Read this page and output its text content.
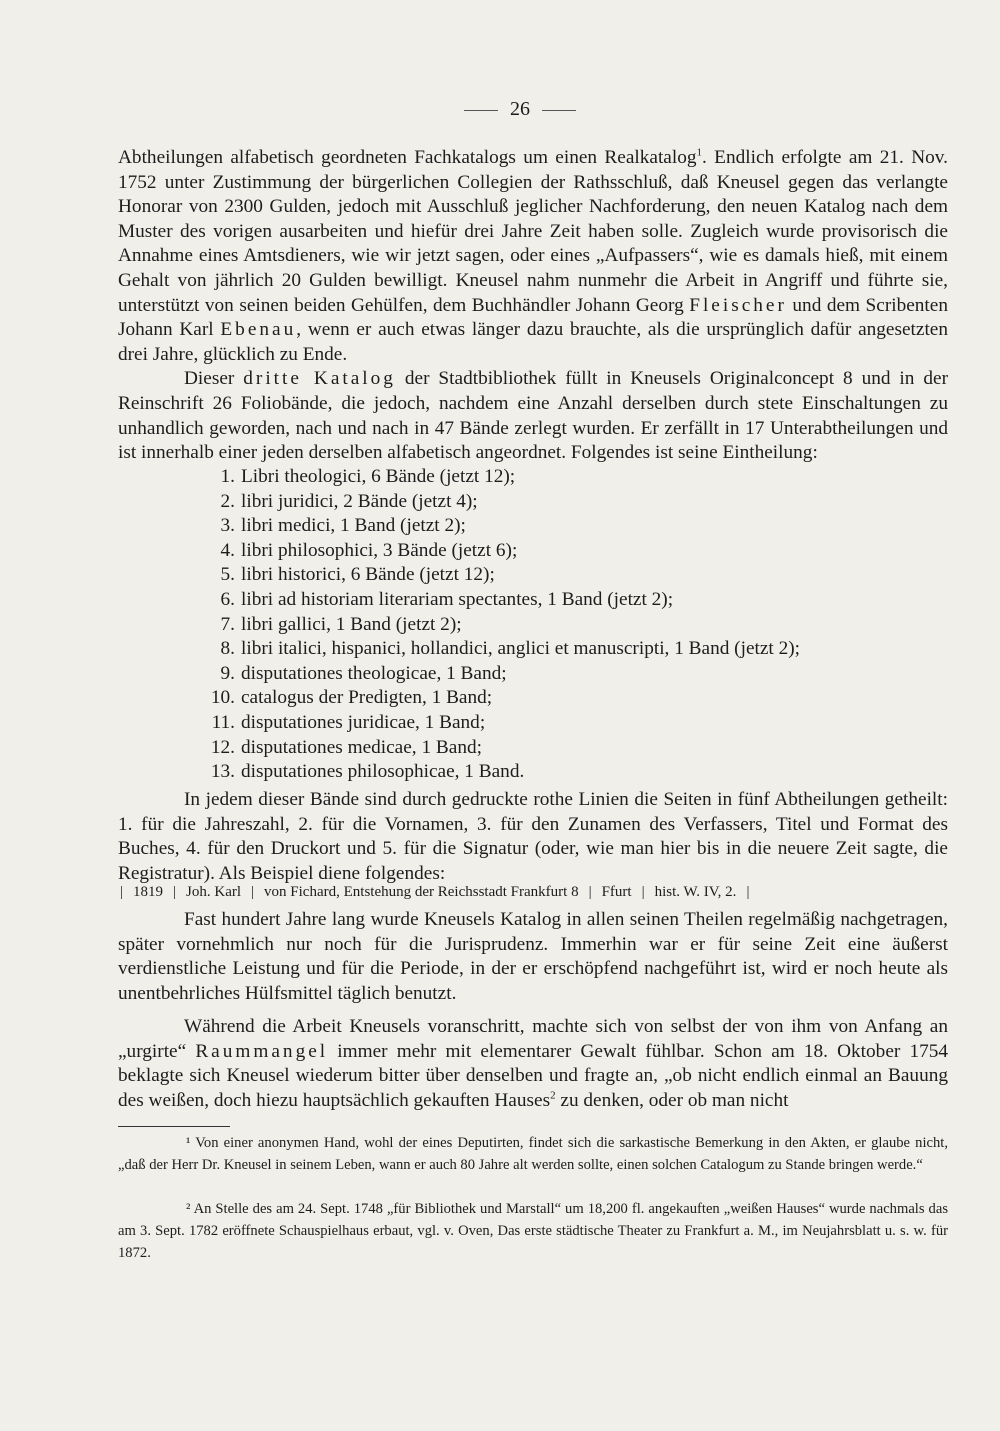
26

Abtheilungen alfabetisch geordneten Fachkatalogs um einen Realkatalog$^1$. Endlich erfolgte am 21. Nov. 1752 unter Zustimmung der bürgerlichen Collegien der Rathsschluß, daß Kneusel gegen das verlangte Honorar von 2300 Gulden, jedoch mit Ausschluß jeglicher Nachforderung, den neuen Katalog nach dem Muster des vorigen ausarbeiten und hiefür drei Jahre Zeit haben solle. Zugleich wurde provisorisch die Annahme eines Amtsdieners, wie wir jetzt sagen, oder eines „Aufpassers“, wie es damals hieß, mit einem Gehalt von jährlich 20 Gulden bewilligt. Kneusel nahm nunmehr die Arbeit in Angriff und führte sie, unterstützt von seinen beiden Gehülfen, dem Buchhändler Johann Georg Fleischer und dem Scribenten Johann Karl Ebenau, wenn er auch etwas länger dazu brauchte, als die ursprünglich dafür angesetzten drei Jahre, glücklich zu Ende.

Dieser dritte Katalog der Stadtbibliothek füllt in Kneusels Originalconcept 8 und in der Reinschrift 26 Foliobände, die jedoch, nachdem eine Anzahl derselben durch stete Einschaltungen zu unhandlich geworden, nach und nach in 47 Bände zerlegt wurden. Er zerfällt in 17 Unterabtheilungen und ist innerhalb einer jeden derselben alfabetisch angeordnet. Folgendes ist seine Eintheilung:

1. Libri theologici, 6 Bände (jetzt 12);
2. libri juridici, 2 Bände (jetzt 4);
3. libri medici, 1 Band (jetzt 2);
4. libri philosophici, 3 Bände (jetzt 6);
5. libri historici, 6 Bände (jetzt 12);
6. libri ad historiam literariam spectantes, 1 Band (jetzt 2);
7. libri gallici, 1 Band (jetzt 2);
8. libri italici, hispanici, hollandici, anglici et manuscripti, 1 Band (jetzt 2);
9. disputationes theologicae, 1 Band;
10. catalogus der Predigten, 1 Band;
11. disputationes juridicae, 1 Band;
12. disputationes medicae, 1 Band;
13. disputationes philosophicae, 1 Band.

In jedem dieser Bände sind durch gedruckte rothe Linien die Seiten in fünf Abtheilungen getheilt: 1. für die Jahreszahl, 2. für die Vornamen, 3. für den Zunamen des Verfassers, Titel und Format des Buches, 4. für den Druckort und 5. für die Signatur (oder, wie man hier bis in die neuere Zeit sagte, die Registratur). Als Beispiel diene folgendes:

| 1819 | Joh. Karl | von Fichard, Entstehung der Reichsstadt Frankfurt 8 | Ffurt | hist. W. IV, 2. |

Fast hundert Jahre lang wurde Kneusels Katalog in allen seinen Theilen regelmäßig nachgetragen, später vornehmlich nur noch für die Jurisprudenz. Immerhin war er für seine Zeit eine äußerst verdienstliche Leistung und für die Periode, in der er erschöpfend nachgeführt ist, wird er noch heute als unentbehrliches Hülfsmittel täglich benutzt.

Während die Arbeit Kneusels voranschritt, machte sich von selbst der von ihm von Anfang an „urgirte“ Raummangel immer mehr mit elementarer Gewalt fühlbar. Schon am 18. Oktober 1754 beklagte sich Kneusel wiederum bitter über denselben und fragte an, „ob nicht endlich einmal an Bauung des weißen, doch hiezu hauptsächlich gekauften Hauses$^2$ zu denken, oder ob man nicht

¹ Von einer anonymen Hand, wohl der eines Deputirten, findet sich die sarkastische Bemerkung in den Akten, er glaube nicht, „daß der Herr Dr. Kneusel in seinem Leben, wann er auch 80 Jahre alt werden sollte, einen solchen Catalogum zu Stande bringen werde.“

² An Stelle des am 24. Sept. 1748 „für Bibliothek und Marstall“ um 18,200 fl. angekauften „weißen Hauses“ wurde nachmals das am 3. Sept. 1782 eröffnete Schauspielhaus erbaut, vgl. v. Oven, Das erste städtische Theater zu Frankfurt a. M., im Neujahrsblatt u. s. w. für 1872.
